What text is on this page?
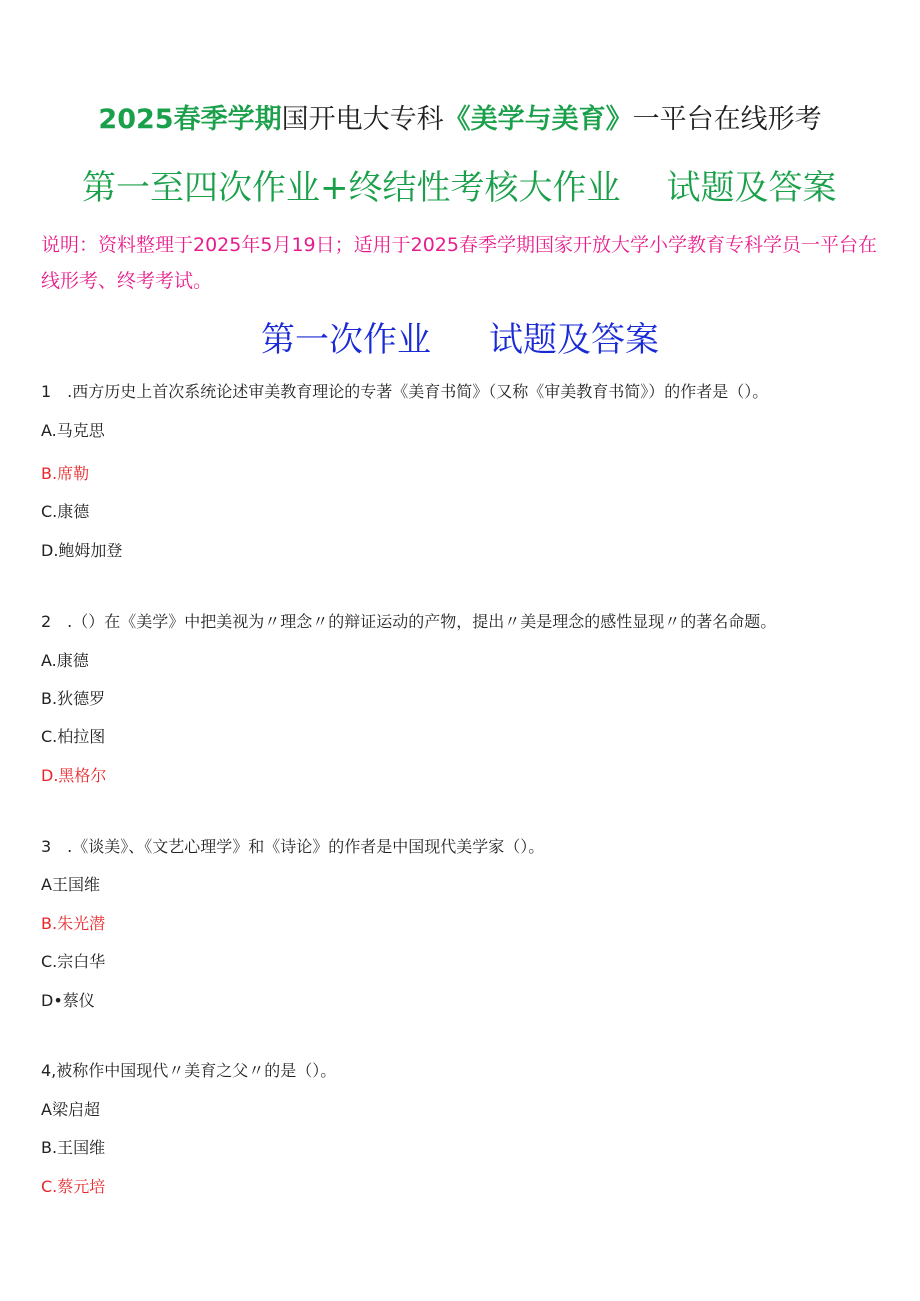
2025春季学期国开电大专科《美学与美育》一平台在线形考
第一至四次作业+终结性考核大作业 试题及答案
说明：资料整理于2025年5月19日；适用于2025春季学期国家开放大学小学教育专科学员一平台在线形考、终考考试。
第一次作业 试题及答案
1　.西方历史上首次系统论述审美教育理论的专著《美育书简》（又称《审美教育书简》）的作者是（）。
A.马克思
B.席勒
C.康德
D.鲍姆加登
2　.（）在《美学》中把美视为〃理念〃的辩证运动的产物，提出〃美是理念的感性显现〃的著名命题。
A.康德
B.狄德罗
C.柏拉图
D.黑格尔
3　.《谈美》、《文艺心理学》和《诗论》的作者是中国现代美学家（）。
A王国维
B.朱光潜
C.宗白华
D•蔡仪
4,被称作中国现代〃美育之父〃的是（）。
A梁启超
B.王国维
C.蔡元培
